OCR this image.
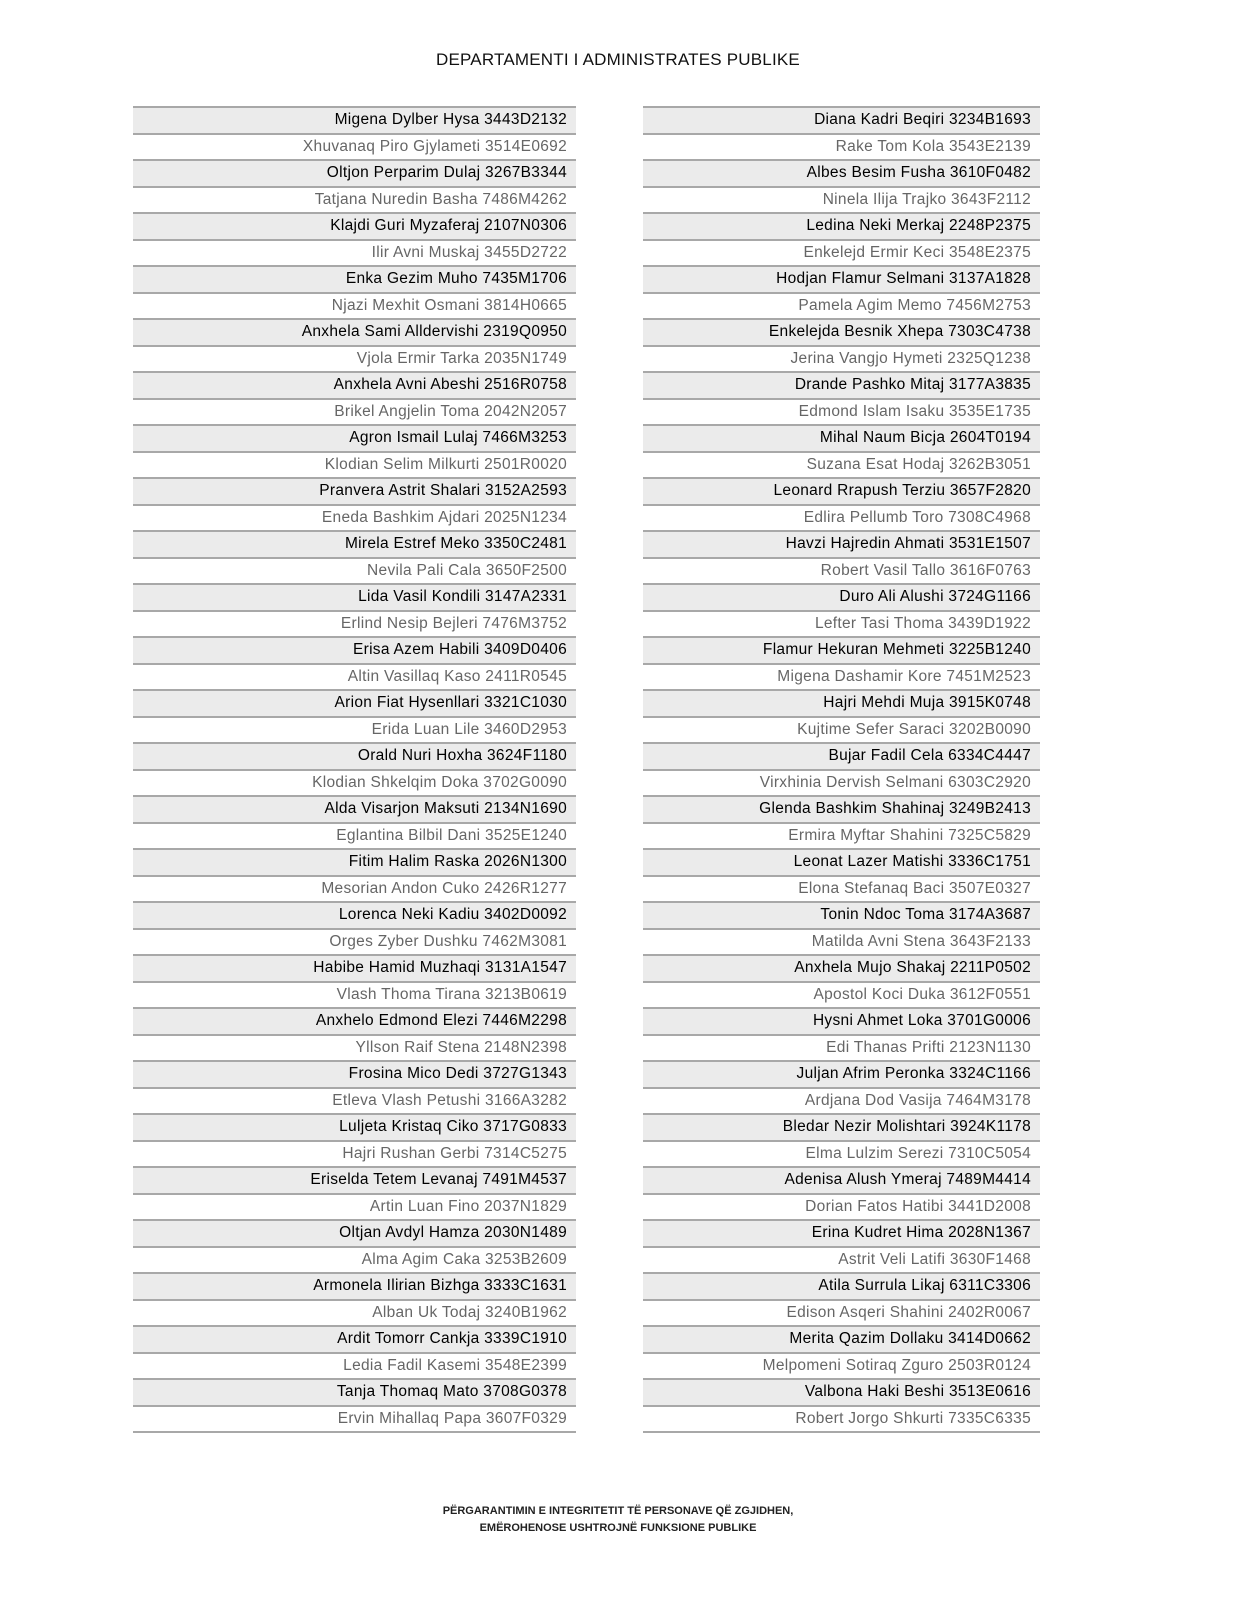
DEPARTAMENTI I ADMINISTRATES PUBLIKE
Migena Dylber Hysa 3443D2132
Xhuvanaq Piro Gjylameti 3514E0692
Oltjon Perparim Dulaj 3267B3344
Tatjana Nuredin Basha 7486M4262
Klajdi Guri Myzaferaj 2107N0306
Ilir Avni Muskaj 3455D2722
Enka Gezim Muho 7435M1706
Njazi Mexhit Osmani 3814H0665
Anxhela Sami Alldervishi 2319Q0950
Vjola Ermir Tarka 2035N1749
Anxhela Avni Abeshi 2516R0758
Brikel Angjelin Toma 2042N2057
Agron Ismail Lulaj 7466M3253
Klodian Selim Milkurti 2501R0020
Pranvera Astrit Shalari 3152A2593
Eneda Bashkim Ajdari 2025N1234
Mirela Estref Meko 3350C2481
Nevila Pali Cala 3650F2500
Lida Vasil Kondili 3147A2331
Erlind Nesip Bejleri 7476M3752
Erisa Azem Habili 3409D0406
Altin Vasillaq Kaso 2411R0545
Arion Fiat Hysenllari 3321C1030
Erida Luan Lile 3460D2953
Orald Nuri Hoxha 3624F1180
Klodian Shkelqim Doka 3702G0090
Alda Visarjon Maksuti 2134N1690
Eglantina Bilbil Dani 3525E1240
Fitim Halim Raska 2026N1300
Mesorian Andon Cuko 2426R1277
Lorenca Neki Kadiu 3402D0092
Orges Zyber Dushku 7462M3081
Habibe Hamid Muzhaqi 3131A1547
Vlash Thoma Tirana 3213B0619
Anxhelo Edmond Elezi 7446M2298
Yllson Raif Stena 2148N2398
Frosina Mico Dedi 3727G1343
Etleva Vlash Petushi 3166A3282
Luljeta Kristaq Ciko 3717G0833
Hajri Rushan Gerbi 7314C5275
Eriselda Tetem Levanaj 7491M4537
Artin Luan Fino 2037N1829
Oltjan Avdyl Hamza 2030N1489
Alma Agim Caka 3253B2609
Armonela Ilirian Bizhga 3333C1631
Alban Uk Todaj 3240B1962
Ardit Tomorr Cankja 3339C1910
Ledia Fadil Kasemi 3548E2399
Tanja Thomaq Mato 3708G0378
Ervin Mihallaq Papa 3607F0329
Diana Kadri Beqiri 3234B1693
Rake Tom Kola 3543E2139
Albes Besim Fusha 3610F0482
Ninela Ilija Trajko 3643F2112
Ledina Neki Merkaj 2248P2375
Enkelejd Ermir Keci 3548E2375
Hodjan Flamur Selmani 3137A1828
Pamela Agim Memo 7456M2753
Enkelejda Besnik Xhepa 7303C4738
Jerina Vangjo Hymeti 2325Q1238
Drande Pashko Mitaj 3177A3835
Edmond Islam Isaku 3535E1735
Mihal Naum Bicja 2604T0194
Suzana Esat Hodaj 3262B3051
Leonard Rrapush Terziu 3657F2820
Edlira Pellumb Toro 7308C4968
Havzi Hajredin Ahmati 3531E1507
Robert Vasil Tallo 3616F0763
Duro Ali Alushi 3724G1166
Lefter Tasi Thoma 3439D1922
Flamur Hekuran Mehmeti 3225B1240
Migena Dashamir Kore 7451M2523
Hajri Mehdi Muja 3915K0748
Kujtime Sefer Saraci 3202B0090
Bujar Fadil Cela 6334C4447
Virxhinia Dervish Selmani 6303C2920
Glenda Bashkim Shahinaj 3249B2413
Ermira Myftar Shahini 7325C5829
Leonat Lazer Matishi 3336C1751
Elona Stefanaq Baci 3507E0327
Tonin Ndoc Toma 3174A3687
Matilda Avni Stena 3643F2133
Anxhela Mujo Shakaj 2211P0502
Apostol Koci Duka 3612F0551
Hysni Ahmet Loka 3701G0006
Edi Thanas Prifti 2123N1130
Juljan Afrim Peronka 3324C1166
Ardjana Dod Vasija 7464M3178
Bledar Nezir Molishtari 3924K1178
Elma Lulzim Serezi 7310C5054
Adenisa Alush Ymeraj 7489M4414
Dorian Fatos Hatibi 3441D2008
Erina Kudret Hima 2028N1367
Astrit Veli Latifi 3630F1468
Atila Surrula Likaj 6311C3306
Edison Asqeri Shahini 2402R0067
Merita Qazim Dollaku 3414D0662
Melpomeni Sotiraq Zguro 2503R0124
Valbona Haki Beshi 3513E0616
Robert Jorgo Shkurti 7335C6335
PËRGARANTIMIN E INTEGRITETIT TË PERSONAVE QË ZGJIDHEN,
EMËROHENOSE USHTROJNË FUNKSIONE PUBLIKE
